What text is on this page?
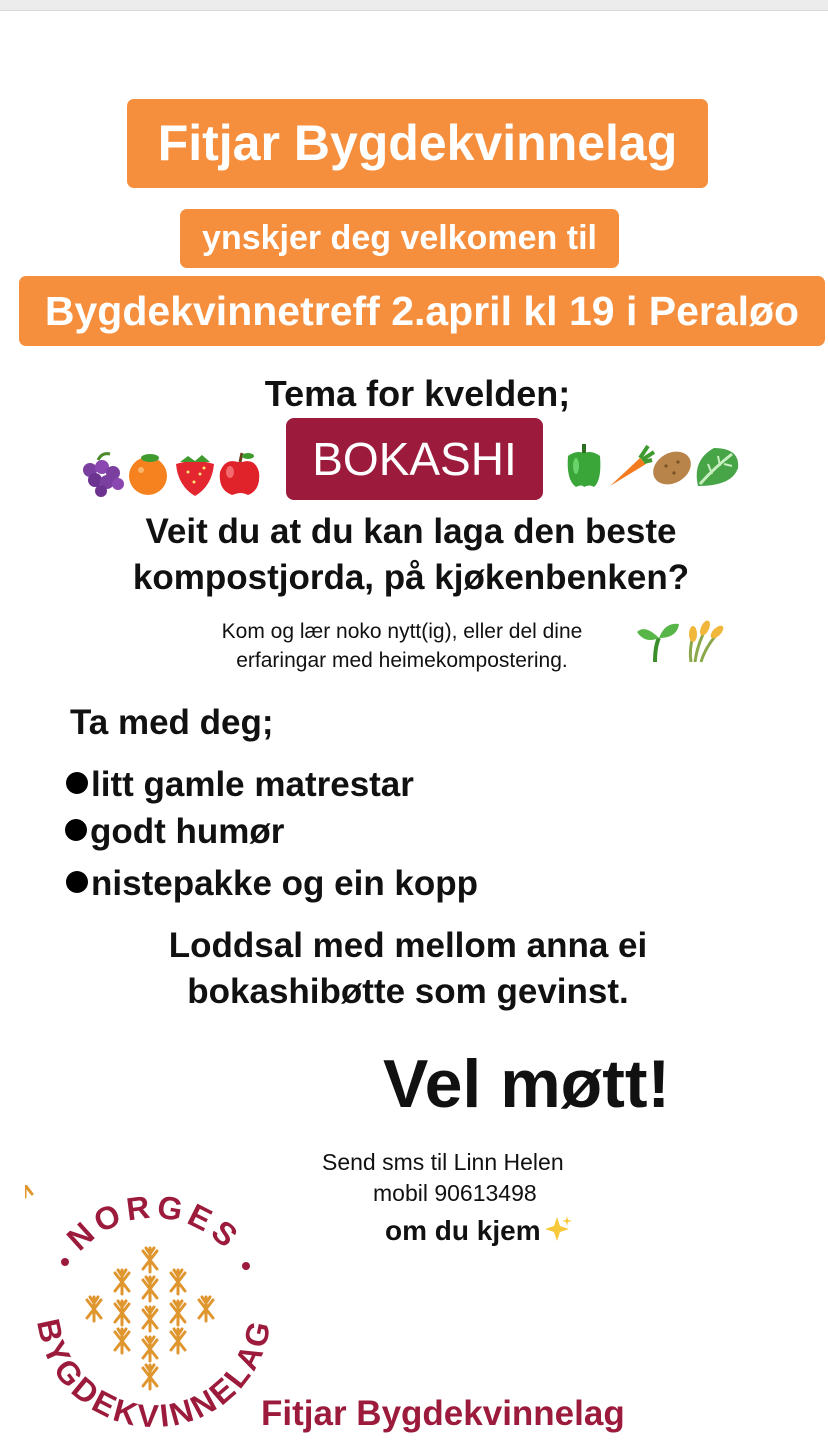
Fitjar Bygdekvinnelag
ynskjer deg velkomen til
Bygdekvinnetreff 2.april kl 19 i Peraløo
Tema for kvelden;
BOKASHI
Veit du at du kan laga den beste
kompostjorda, på kjøkenbenken?
Kom og lær noko nytt(ig), eller del dine
erfaringar med heimekompostering.
Ta med deg;
litt gamle matrestar
godt humør
nistepakke og ein kopp
Loddsal med mellom anna ei
bokashibøtte som gevinst.
Vel møtt!
Send sms til Linn Helen
mobil 90613498
om du kjem
NORGES
BYGDEKVINNELAG
Fitjar Bygdekvinnelag
